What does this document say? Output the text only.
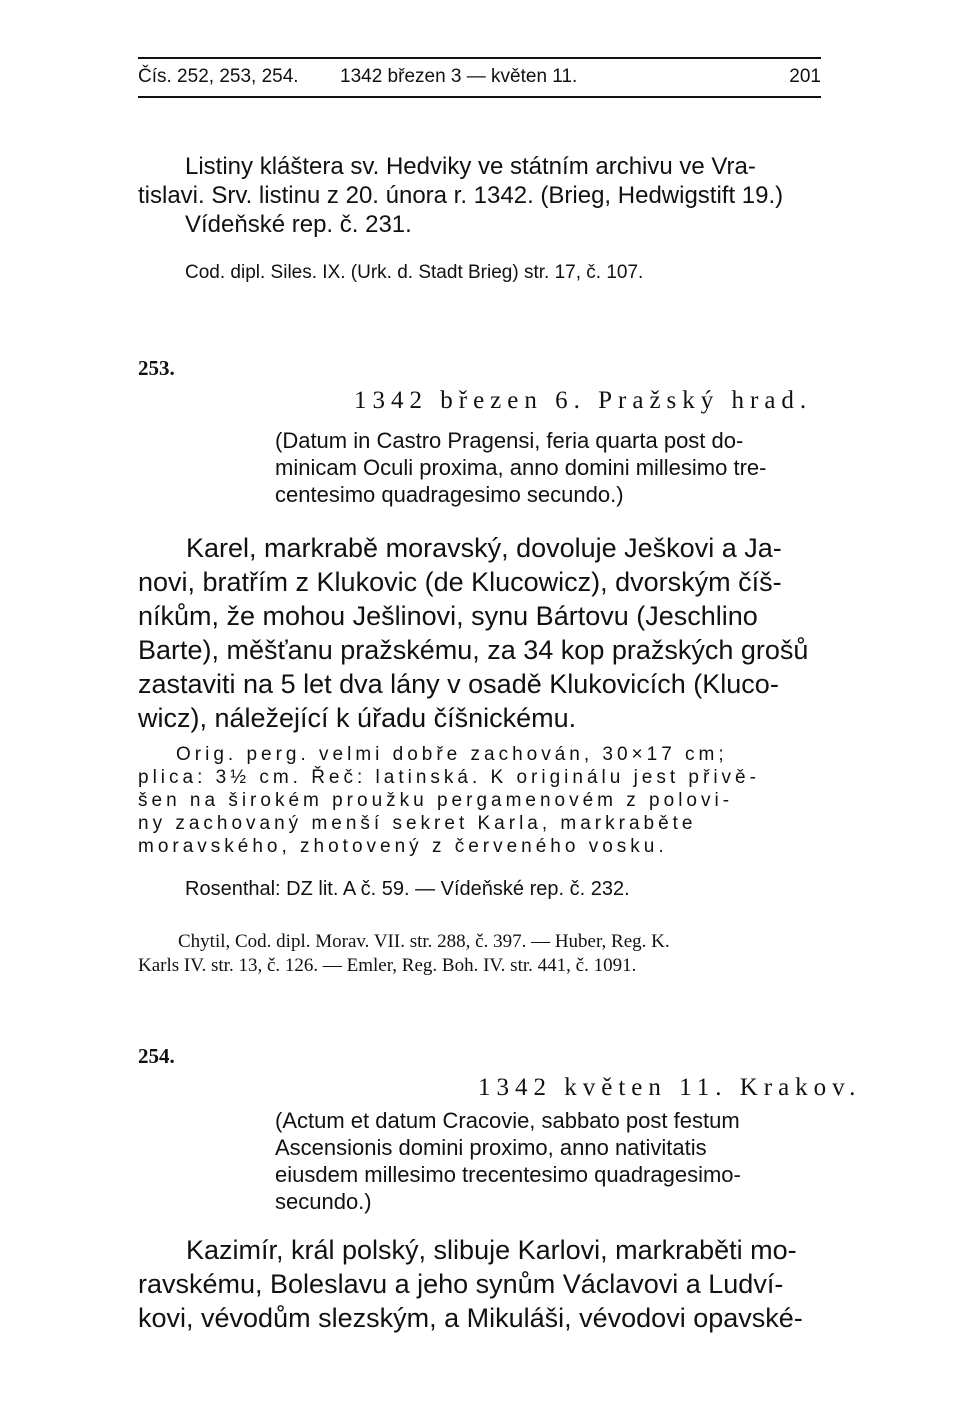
Čís. 252, 253, 254. 1342 březen 3 — květen 11.	201
Listiny kláštera sv. Hedviky ve státním archivu ve Vra-
tislavi. Srv. listinu z 20. února r. 1342. (Brieg, Hedwigstift 19.)
Vídeňské rep. č. 231.
Cod. dipl. Siles. IX. (Urk. d. Stadt Brieg) str. 17, č. 107.
253.
1342 březen 6. Pražský hrad.
(Datum in Castro Pragensi, feria quarta post do-
minicam Oculi proxima, anno domini millesimo tre-
centesimo quadragesimo secundo.)
Karel, markrabě moravský, dovoluje Ješkovi a Ja-
novi, bratřím z Klukovic (de Klucowicz), dvorským číš-
níkům, že mohou Ješlinovi, synu Bártovu (Jeschlino
Barte), měšťanu pražskému, za 34 kop pražských grošů
zastaviti na 5 let dva lány v osadě Klukovicích (Kluco-
wicz), náležející k úřadu číšnickému.
Orig. perg. velmi dobře zachován, 30×17 cm;
plica: 3½ cm. Řeč: latinská. K originálu jest přivě-
šen na širokém proužku pergamenovém z polovi-
ny zachovaný menší sekret Karla, markraběte
moravského, zhotovený z červeného vosku.
Rosenthal: DZ lit. A č. 59. — Vídeňské rep. č. 232.
Chytil, Cod. dipl. Morav. VII. str. 288, č. 397. — Huber, Reg. K.
Karls IV. str. 13, č. 126. — Emler, Reg. Boh. IV. str. 441, č. 1091.
254.
1342 květen 11. Krakov.
(Actum et datum Cracovie, sabbato post festum
Ascensionis domini proximo, anno nativitatis
eiusdem millesimo trecentesimo quadragesimo-
secundo.)
Kazimír, král polský, slibuje Karlovi, markraběti mo-
ravskému, Boleslavu a jeho synům Václavovi a Ludví-
kovi, vévodům slezským, a Mikuláši, vévodovi opavské-
